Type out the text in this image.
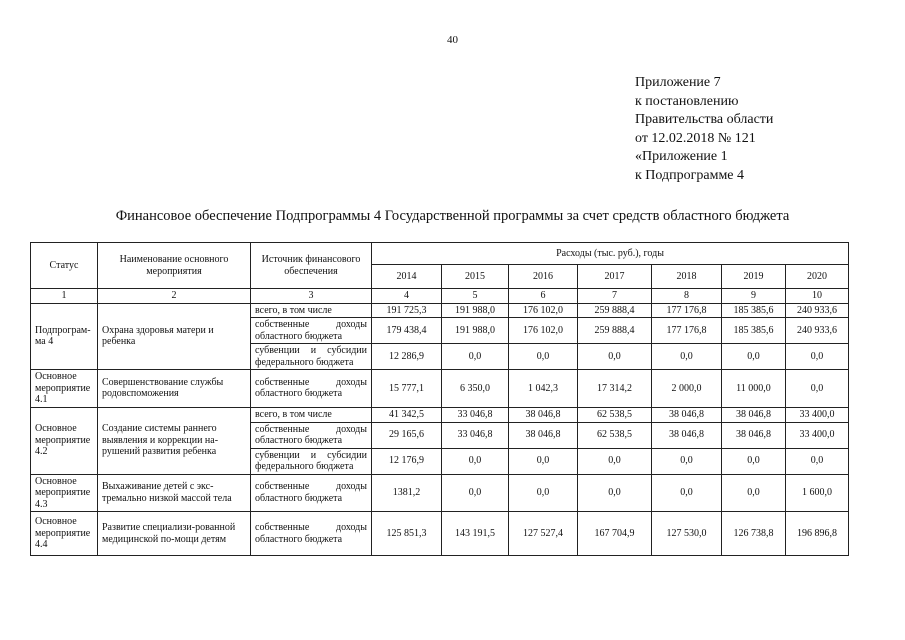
40
Приложение 7
к постановлению
Правительства области
от 12.02.2018 № 121
«Приложение 1
к Подпрограмме 4
Финансовое обеспечение Подпрограммы 4 Государственной программы за счет средств областного бюджета
Статус	Наименование основного мероприятия	Источник финансового обеспечения	Расходы (тыс. руб.), годы						
			2014	2015	2016	2017	2018	2019	2020
1	2	3	4	5	6	7	8	9	10
Подпрограм-ма 4	Охрана здоровья матери и ребенка	всего, в том числе	191 725,3	191 988,0	176 102,0	259 888,4	177 176,8	185 385,6	240 933,6
		собственные доходы областного бюджета	179 438,4	191 988,0	176 102,0	259 888,4	177 176,8	185 385,6	240 933,6
		субвенции и субсидии федерального бюджета	12 286,9	0,0	0,0	0,0	0,0	0,0	0,0
Основное мероприятие 4.1	Совершенствование службы родовспоможения	собственные доходы областного бюджета	15 777,1	6 350,0	1 042,3	17 314,2	2 000,0	11 000,0	0,0
Основное мероприятие 4.2	Создание системы раннего выявления и коррекции на-рушений развития ребенка	всего, в том числе	41 342,5	33 046,8	38 046,8	62 538,5	38 046,8	38 046,8	33 400,0
		собственные доходы областного бюджета	29 165,6	33 046,8	38 046,8	62 538,5	38 046,8	38 046,8	33 400,0
		субвенции и субсидии федерального бюджета	12 176,9	0,0	0,0	0,0	0,0	0,0	0,0
Основное мероприятие 4.3	Выхаживание детей с экс-тремально низкой массой тела	собственные доходы областного бюджета	1381,2	0,0	0,0	0,0	0,0	0,0	1 600,0
Основное мероприятие 4.4	Развитие специализи-рованной медицинской по-мощи детям	собственные доходы областного бюджета	125 851,3	143 191,5	127 527,4	167 704,9	127 530,0	126 738,8	196 896,8
